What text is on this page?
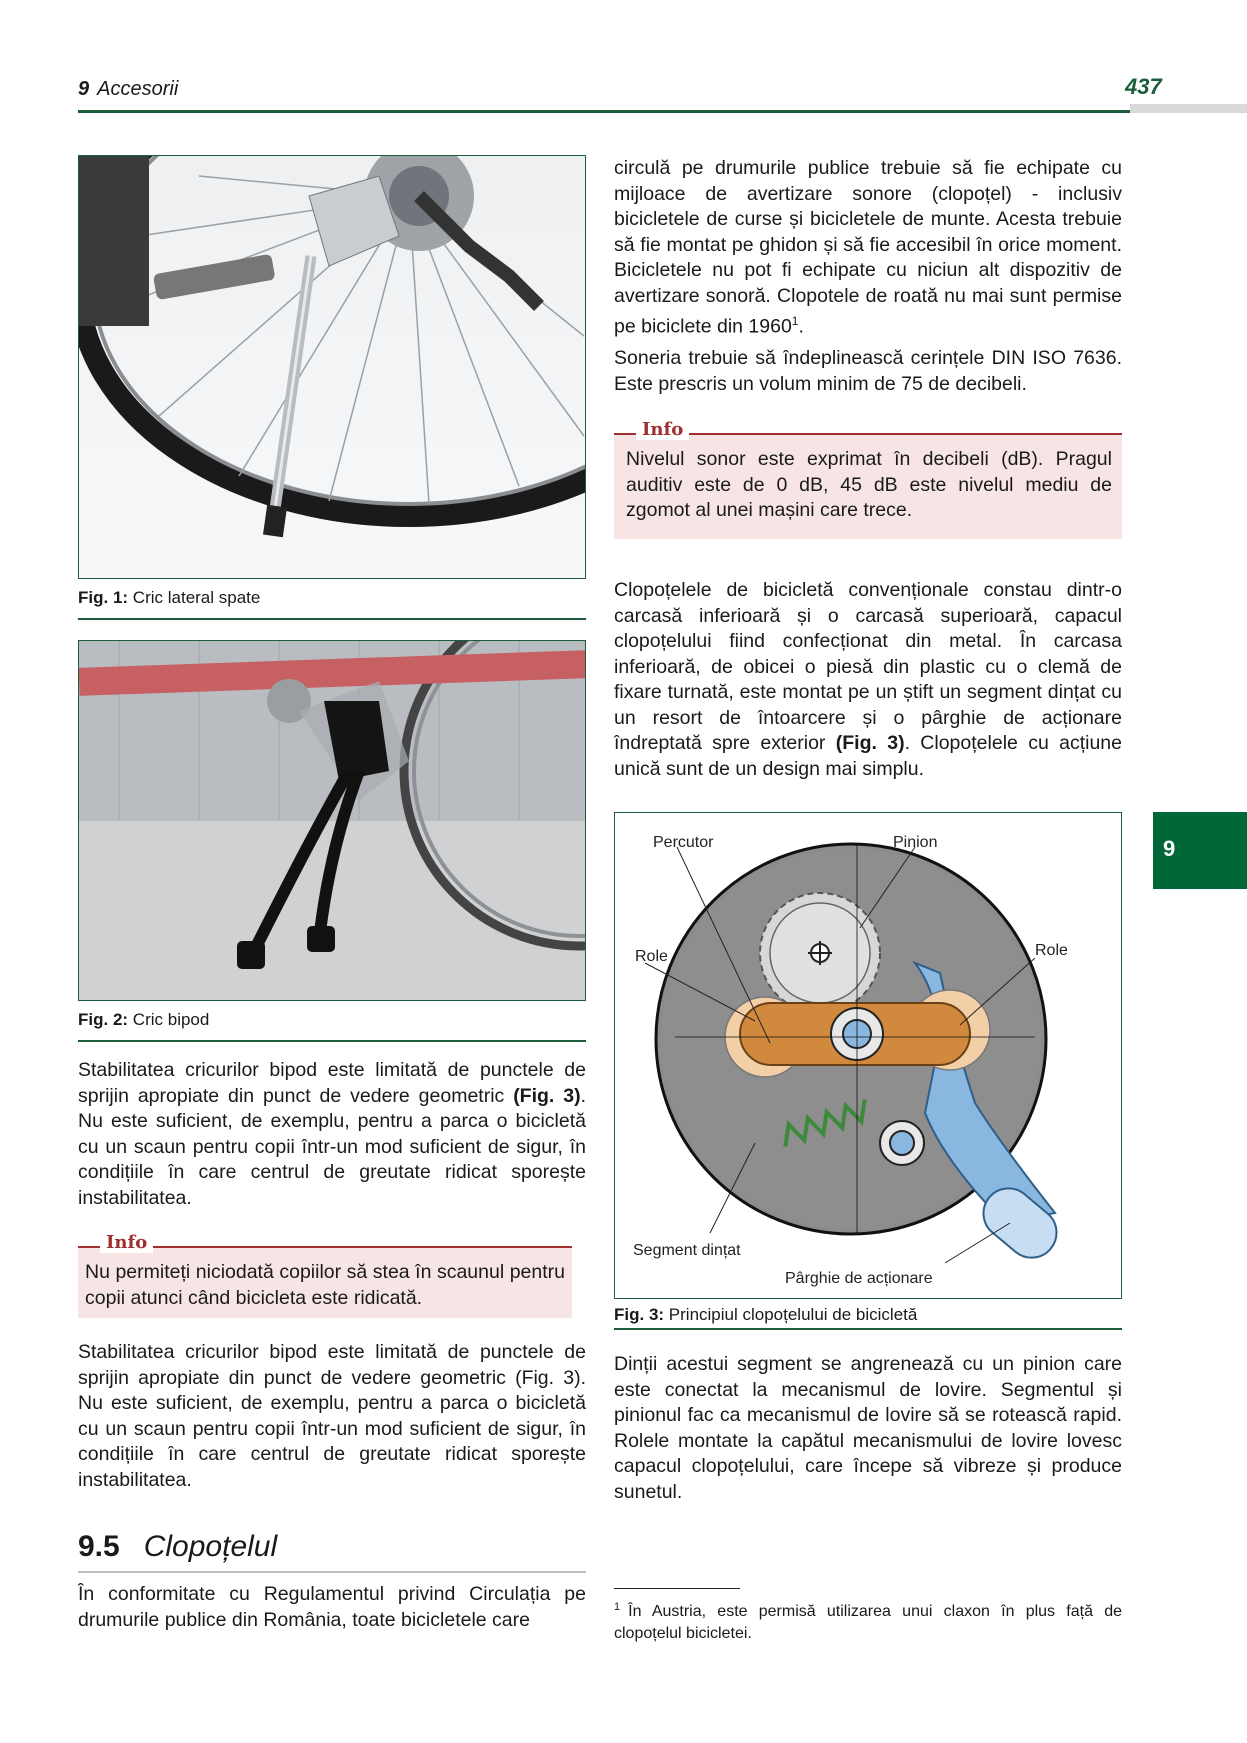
9 Accesorii	437
9
Fig. 1: Cric lateral spate
Fig. 2: Cric bipod
Stabilitatea cricurilor bipod este limitată de punctele de sprijin apropiate din punct de vedere geometric (Fig. 3). Nu este suficient, de exemplu, pentru a parca o bicicletă cu un scaun pentru copii într-un mod suficient de sigur, în condițiile în care centrul de greutate ridicat sporește instabilitatea.
Info
Nu permiteți niciodată copiilor să stea în scaunul pentru copii atunci când bicicleta este ridicată.
Stabilitatea cricurilor bipod este limitată de punctele de sprijin apropiate din punct de vedere geometric (Fig. 3). Nu este suficient, de exemplu, pentru a parca o bicicletă cu un scaun pentru copii într-un mod suficient de sigur, în condițiile în care centrul de greutate ridicat sporește instabilitatea.
9.5 Clopoțelul
În conformitate cu Regulamentul privind Circulația pe drumurile publice din România, toate bicicletele care
circulă pe drumurile publice trebuie să fie echipate cu mijloace de avertizare sonore (clopoțel) - inclusiv bicicletele de curse și bicicletele de munte. Acesta trebuie să fie montat pe ghidon și să fie accesibil în orice moment. Bicicletele nu pot fi echipate cu niciun alt dispozitiv de avertizare sonoră. Clopotele de roată nu mai sunt permise pe biciclete din 1960$^1$.
Soneria trebuie să îndeplinească cerințele DIN ISO 7636. Este prescris un volum minim de 75 de decibeli.
Info
Nivelul sonor este exprimat în decibeli (dB). Pragul auditiv este de 0 dB, 45 dB este nivelul mediu de zgomot al unei mașini care trece.
Clopoțelele de bicicletă convenționale constau dintr-o carcasă inferioară și o carcasă superioară, capacul clopoțelului fiind confecționat din metal. În carcasa inferioară, de obicei o piesă din plastic cu o clemă de fixare turnată, este montat pe un știft un segment dințat cu un resort de întoarcere și o pârghie de acționare îndreptată spre exterior (Fig. 3). Clopoțelele cu acțiune unică sunt de un design mai simplu.
Percutor	Pinion
Role	Role
Segment dințat
Pârghie de acționare
Fig. 3: Principiul clopoțelului de bicicletă
Dinții acestui segment se angrenează cu un pinion care este conectat la mecanismul de lovire. Segmentul și pinionul fac ca mecanismul de lovire să se rotească rapid. Rolele montate la capătul mecanismului de lovire lovesc capacul clopoțelului, care începe să vibreze și produce sunetul.
$^1$ În Austria, este permisă utilizarea unui claxon în plus față de clopoțelul bicicletei.
